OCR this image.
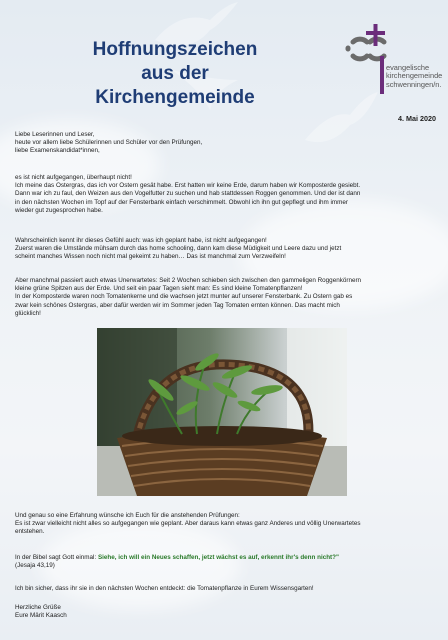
Hoffnungszeichen
aus der Kirchengemeinde
evangelische
kirchengemeinde
schwenningen/n.
4. Mai 2020
Liebe Leserinnen und Leser,
heute vor allem liebe Schülerinnen und Schüler vor den Prüfungen,
liebe Examenskandidat*innen,
es ist nicht aufgegangen, überhaupt nicht!
Ich meine das Ostergras, das ich vor Ostern gesät habe. Erst hatten wir keine Erde, darum haben wir Komposterde gesiebt.
Dann war ich zu faul, den Weizen aus den Vogelfutter zu suchen und hab stattdessen Roggen genommen. Und der ist dann
in den nächsten Wochen im Topf auf der Fensterbank einfach verschimmelt. Obwohl ich ihn gut gepflegt und ihm immer
wieder gut zugesprochen habe.
Wahrscheinlich kennt ihr dieses Gefühl auch: was ich geplant habe, ist nicht aufgegangen!
Zuerst waren die Umstände mühsam durch das home schooling, dann kam diese Müdigkeit und Leere dazu und jetzt
scheint manches Wissen noch nicht mal gekeimt zu haben… Das ist manchmal zum Verzweifeln!
Aber manchmal passiert auch etwas Unerwartetes: Seit 2 Wochen schieben sich zwischen den gammeligen Roggenkörnern
kleine grüne Spitzen aus der Erde. Und seit ein paar Tagen sieht man: Es sind kleine Tomatenpflanzen!
In der Komposterde waren noch Tomatenkerne und die wachsen jetzt munter auf unserer Fensterbank. Zu Ostern gab es
zwar kein schönes Ostergras, aber dafür werden wir im Sommer jeden Tag Tomaten ernten können. Das macht mich
glücklich!
Und genau so eine Erfahrung wünsche ich Euch für die anstehenden Prüfungen:
Es ist zwar vielleicht nicht alles so aufgegangen wie geplant. Aber daraus kann etwas ganz Anderes und völlig Unerwartetes
entstehen.
In der Bibel sagt Gott einmal: Siehe, ich will ein Neues schaffen, jetzt wächst es auf, erkennt ihr's denn nicht?"
(Jesaja 43,19)
Ich bin sicher, dass ihr sie in den nächsten Wochen entdeckt: die Tomatenpflanze in Eurem Wissensgarten!
Herzliche Grüße
Eure Märit Kaasch
